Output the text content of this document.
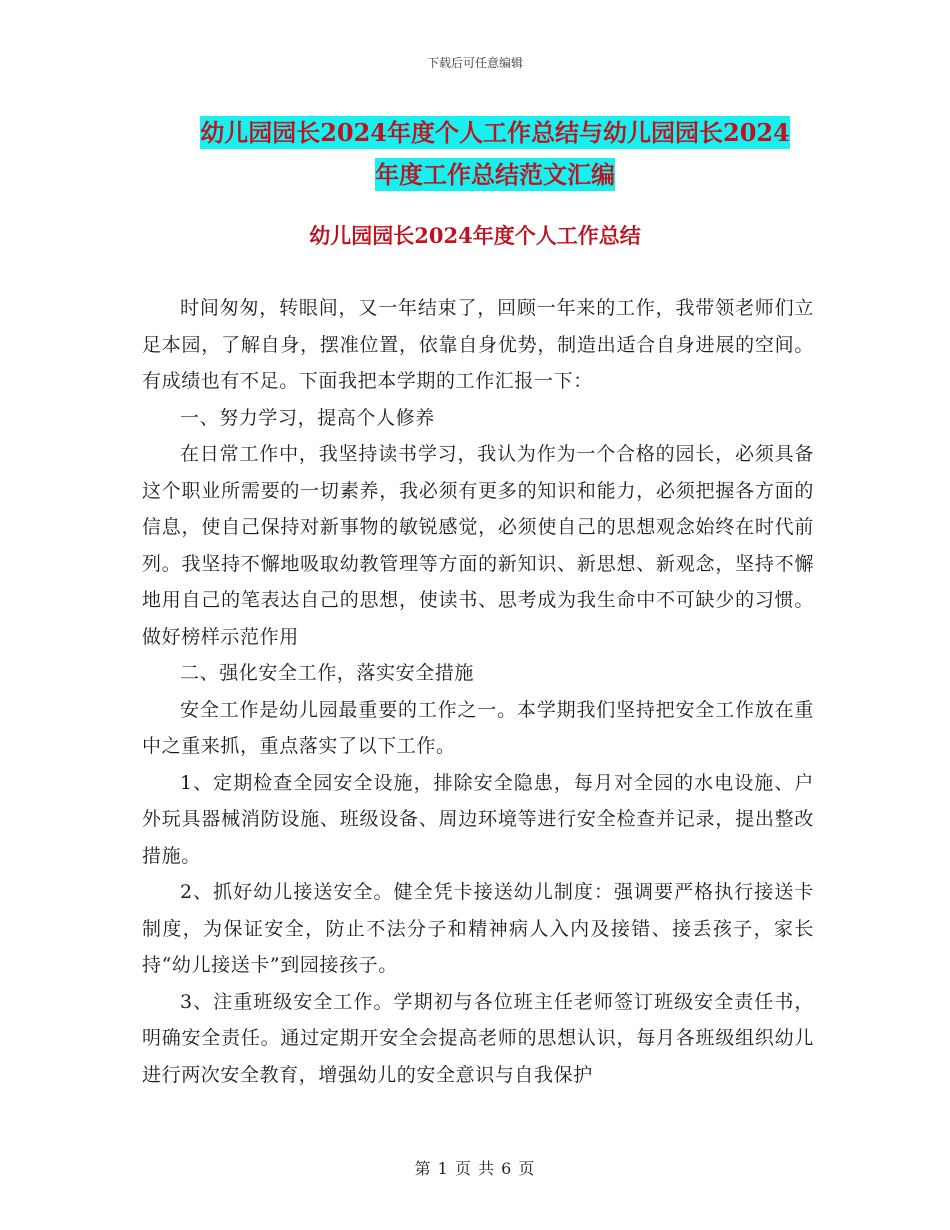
下载后可任意编辑
幼儿园园长2024年度个人工作总结与幼儿园园长2024
年度工作总结范文汇编
幼儿园园长2024年度个人工作总结

时间匆匆，转眼间，又一年结束了，回顾一年来的工作，我带领老师们立足本园，了解自身，摆准位置，依靠自身优势，制造出适合自身进展的空间。有成绩也有不足。下面我把本学期的工作汇报一下：

一、努力学习，提高个人修养

在日常工作中，我坚持读书学习，我认为作为一个合格的园长，必须具备这个职业所需要的一切素养，我必须有更多的知识和能力，必须把握各方面的信息，使自己保持对新事物的敏锐感觉，必须使自己的思想观念始终在时代前列。我坚持不懈地吸取幼教管理等方面的新知识、新思想、新观念，坚持不懈地用自己的笔表达自己的思想，使读书、思考成为我生命中不可缺少的习惯。做好榜样示范作用

二、强化安全工作，落实安全措施

安全工作是幼儿园最重要的工作之一。本学期我们坚持把安全工作放在重中之重来抓，重点落实了以下工作。

1、定期检查全园安全设施，排除安全隐患，每月对全园的水电设施、户外玩具器械消防设施、班级设备、周边环境等进行安全检查并记录，提出整改措施。

2、抓好幼儿接送安全。健全凭卡接送幼儿制度：强调要严格执行接送卡制度，为保证安全，防止不法分子和精神病人入内及接错、接丢孩子，家长持“幼儿接送卡”到园接孩子。

3、注重班级安全工作。学期初与各位班主任老师签订班级安全责任书，明确安全责任。通过定期开安全会提高老师的思想认识，每月各班级组织幼儿进行两次安全教育，增强幼儿的安全意识与自我保护

第 1 页 共 6 页
